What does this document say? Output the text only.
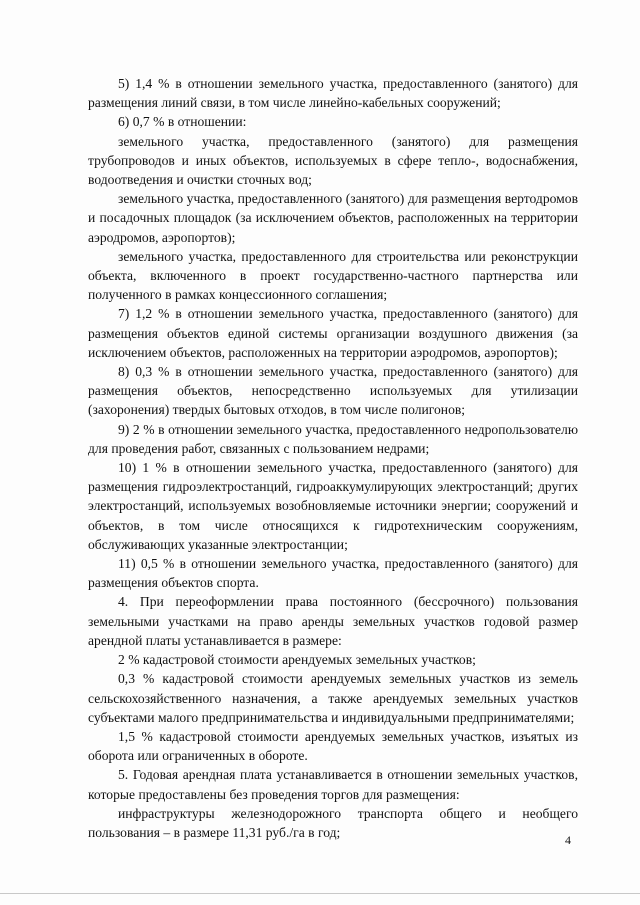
5) 1,4 % в отношении земельного участка, предоставленного (занятого) для размещения линий связи, в том числе линейно-кабельных сооружений;

6) 0,7 % в отношении:

земельного участка, предоставленного (занятого) для размещения трубопроводов и иных объектов, используемых в сфере тепло-, водоснабжения, водоотведения и очистки сточных вод;

земельного участка, предоставленного (занятого) для размещения вертодромов и посадочных площадок (за исключением объектов, расположенных на территории аэродромов, аэропортов);

земельного участка, предоставленного для строительства или реконструкции объекта, включенного в проект государственно-частного партнерства или полученного в рамках концессионного соглашения;

7) 1,2 % в отношении земельного участка, предоставленного (занятого) для размещения объектов единой системы организации воздушного движения (за исключением объектов, расположенных на территории аэродромов, аэропортов);

8) 0,3 % в отношении земельного участка, предоставленного (занятого) для размещения объектов, непосредственно используемых для утилизации (захоронения) твердых бытовых отходов, в том числе полигонов;

9) 2 % в отношении земельного участка, предоставленного недропользователю для проведения работ, связанных с пользованием недрами;

10) 1 % в отношении земельного участка, предоставленного (занятого) для размещения гидроэлектростанций, гидроаккумулирующих электростанций; других электростанций, используемых возобновляемые источники энергии; сооружений и объектов, в том числе относящихся к гидротехническим сооружениям, обслуживающих указанные электростанции;

11) 0,5 % в отношении земельного участка, предоставленного (занятого) для размещения объектов спорта.

4. При переоформлении права постоянного (бессрочного) пользования земельными участками на право аренды земельных участков годовой размер арендной платы устанавливается в размере:

2 % кадастровой стоимости арендуемых земельных участков;

0,3 % кадастровой стоимости арендуемых земельных участков из земель сельскохозяйственного назначения, а также арендуемых земельных участков субъектами малого предпринимательства и индивидуальными предпринимателями;

1,5 % кадастровой стоимости арендуемых земельных участков, изъятых из оборота или ограниченных в обороте.

5. Годовая арендная плата устанавливается в отношении земельных участков, которые предоставлены без проведения торгов для размещения:

инфраструктуры железнодорожного транспорта общего и необщего пользования – в размере 11,31 руб./га в год;

4
